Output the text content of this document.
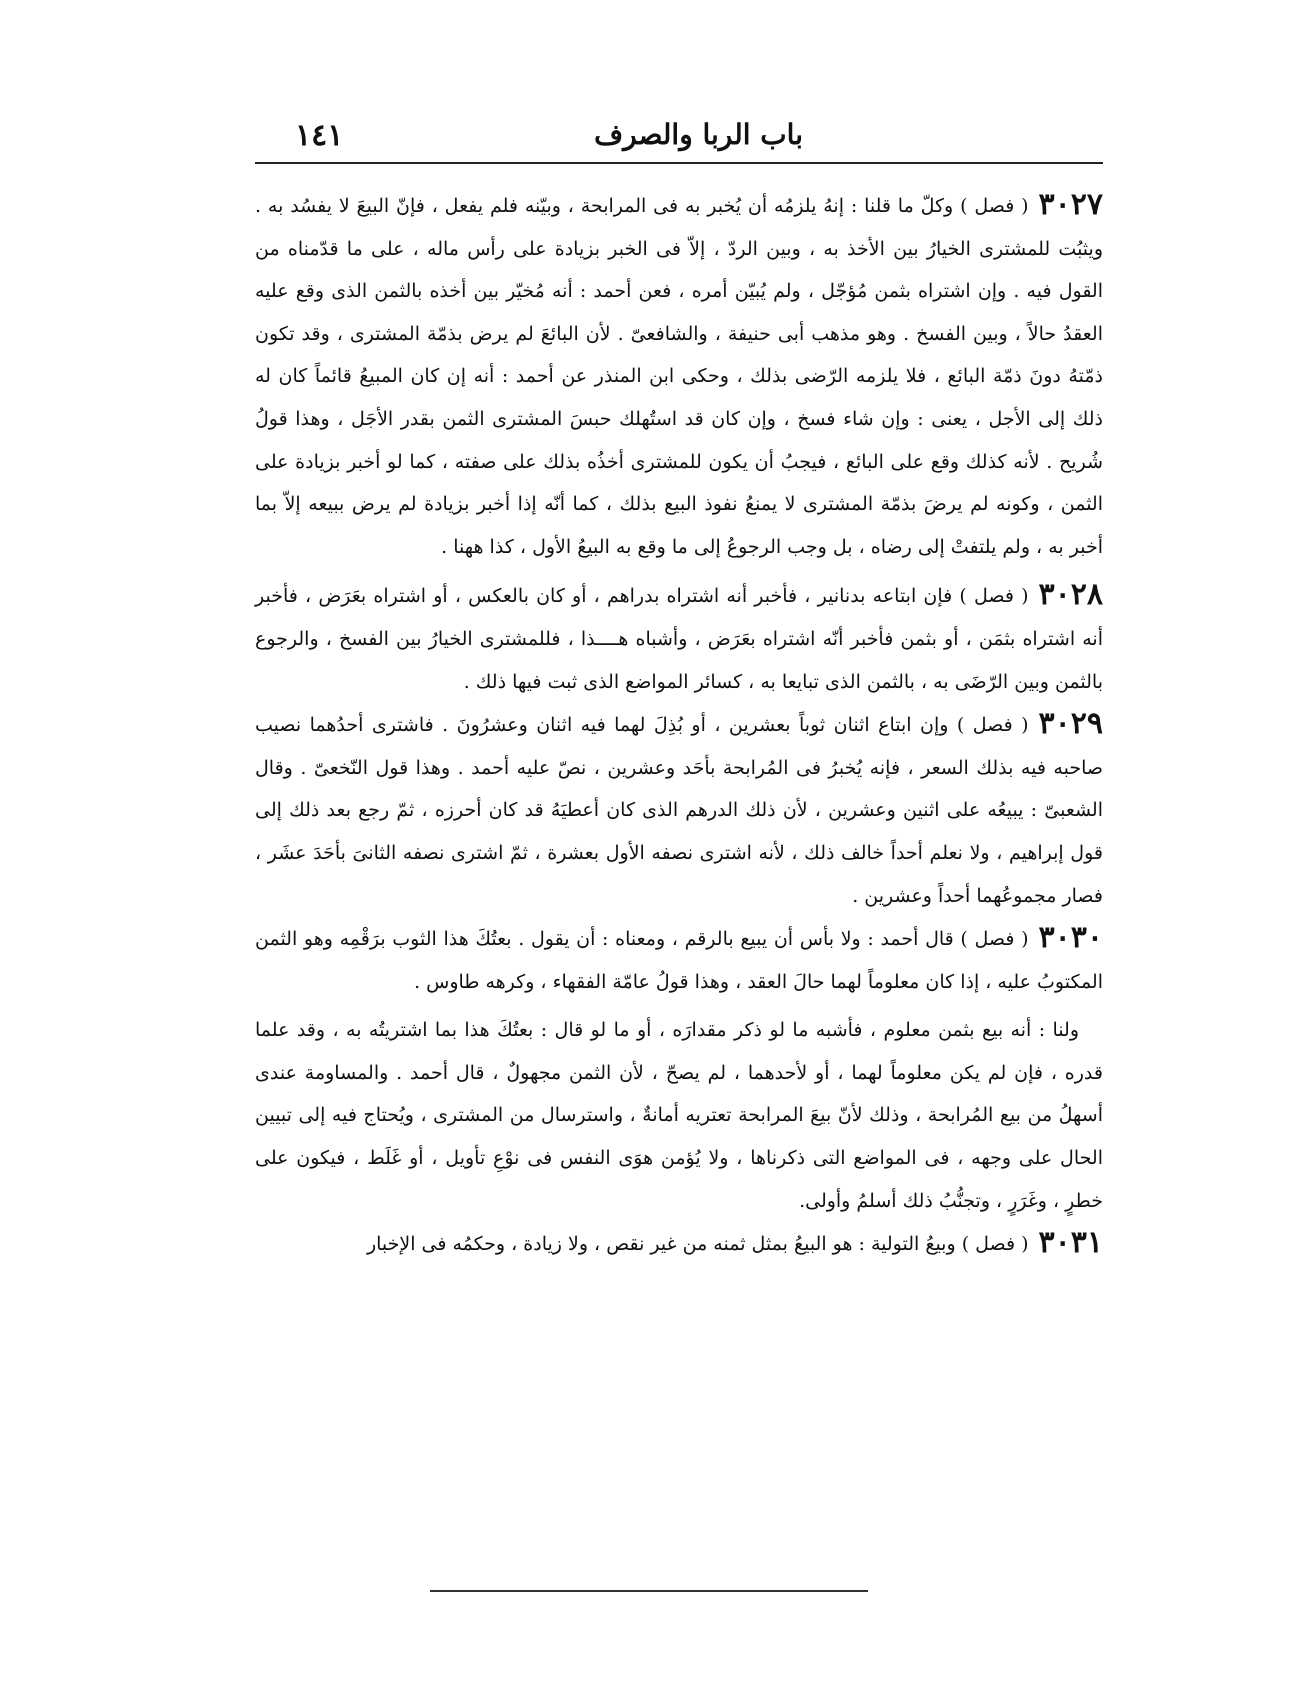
باب الربا والصرف
١٤١

٣٠٢٧( فصل ) وكلّ ما قلنا : إنهُ يلزمُه أن يُخبر به فى المرابحة ، وبيّنه فلم يفعل ، فإنّ البيعَ لا يفسُد به . ويثبُت للمشترى الخيارُ بين الأخذ به ، وبين الردّ ، إلاّ فى الخبر بزيادة على رأس ماله ، على ما قدّمناه من القول فيه . وإن اشتراه بثمن مُؤجّل ، ولم يُبيّن أمره ، فعن أحمد : أنه مُخيّر بين أخذه بالثمن الذى وقع عليه العقدُ حالاً ، وبين الفسخ . وهو مذهب أبى حنيفة ، والشافعىّ . لأن البائعَ لم يرض بذمّة المشترى ، وقد تكون ذمّتهُ دونَ ذمّة البائع ، فلا يلزمه الرّضى بذلك ، وحكى ابن المنذر عن أحمد : أنه إن كان المبيعُ قائماً كان له ذلك إلى الأجل ، يعنى : وإن شاء فسخ ، وإن كان قد استُهلك حبسَ المشترى الثمن بقدر الأجَل ، وهذا قولُ شُريح . لأنه كذلك وقع على البائع ، فيجبُ أن يكون للمشترى أخذُه بذلك على صفته ، كما لو أخبر بزيادة على الثمن ، وكونه لم يرضَ بذمّة المشترى لا يمنعُ نفوذ البيع بذلك ، كما أنّه إذا أخبر بزيادة لم يرض ببيعه إلاّ بما أخبر به ، ولم يلتفتْ إلى رضاه ، بل وجب الرجوعُ إلى ما وقع به البيعُ الأول ، كذا ههنا .

٣٠٢٨( فصل ) فإن ابتاعه بدنانير ، فأخبر أنه اشتراه بدراهم ، أو كان بالعكس ، أو اشتراه بعَرَض ، فأخبر أنه اشتراه بثمَن ، أو بثمن فأخبر أنّه اشتراه بعَرَض ، وأشباه هــــذا ، فللمشترى الخيارُ بين الفسخ ، والرجوع بالثمن وبين الرّضَى به ، بالثمن الذى تبايعا به ، كسائر المواضع الذى ثبت فيها ذلك .

٣٠٢٩( فصل ) وإن ابتاع اثنان ثوباً بعشرين ، أو بُذِلَ لهما فيه اثنان وعشرُونَ . فاشترى أحدُهما نصيب صاحبه فيه بذلك السعر ، فإنه يُخبرُ فى المُرابحة بأحَد وعشرين ، نصّ عليه أحمد . وهذا قول النّخعىّ . وقال الشعبىّ : يبيعُه على اثنين وعشرين ، لأن ذلك الدرهم الذى كان أعطيَهُ قد كان أحرزه ، ثمّ رجع بعد ذلك إلى قول إبراهيم ، ولا نعلم أحداً خالف ذلك ، لأنه اشترى نصفه الأول بعشرة ، ثمّ اشترى نصفه الثانىَ بأحَدَ عشَر ، فصار مجموعُهما أحداً وعشرين .

٣٠٣٠( فصل ) قال أحمد : ولا بأس أن يبيع بالرقم ، ومعناه : أن يقول . بعتُكَ هذا الثوب برَقْمِه وهو الثمن المكتوبُ عليه ، إذا كان معلوماً لهما حالَ العقد ، وهذا قولُ عامّة الفقهاء ، وكرهه طاوس .

ولنا : أنه بيع بثمن معلوم ، فأشبه ما لو ذكر مقدارَه ، أو ما لو قال : بعتُكَ هذا بما اشتريتُه به ، وقد علما قدره ، فإن لم يكن معلوماً لهما ، أو لأحدهما ، لم يصحّ ، لأن الثمن مجهولٌ ، قال أحمد . والمساومة عندى أسهلُ من بيع المُرابحة ، وذلك لأنّ بيعَ المرابحة تعتريه أمانةٌ ، واسترسال من المشترى ، ويُحتاج فيه إلى تبيين الحال على وجهه ، فى المواضع التى ذكرناها ، ولا يُؤمن هوَى النفس فى نوْعِ تأويل ، أو غَلَط ، فيكون على خطرٍ ، وغَرَرٍ ، وتجنُّبُ ذلك أسلمُ وأولى.

٣٠٣١( فصل ) وبيعُ التولية : هو البيعُ بمثل ثمنه من غير نقص ، ولا زيادة ، وحكمُه فى الإخبار
